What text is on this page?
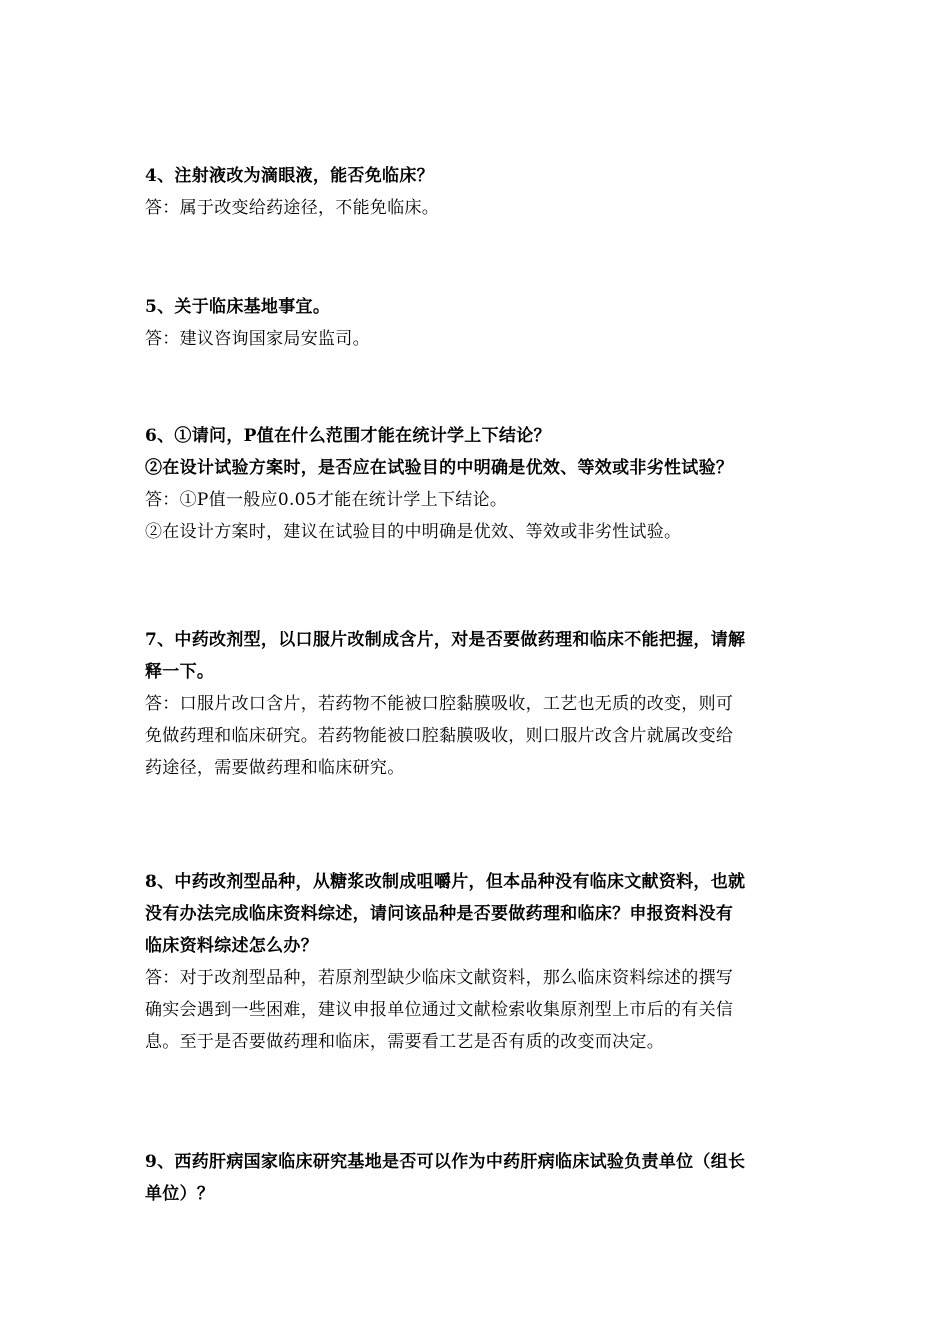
4、注射液改为滴眼液，能否免临床？
答：属于改变给药途径，不能免临床。
5、关于临床基地事宜。
答：建议咨询国家局安监司。
6、①请问，P值在什么范围才能在统计学上下结论？
②在设计试验方案时，是否应在试验目的中明确是优效、等效或非劣性试验？
答：①P值一般应0.05才能在统计学上下结论。
②在设计方案时，建议在试验目的中明确是优效、等效或非劣性试验。
7、中药改剂型，以口服片改制成含片，对是否要做药理和临床不能把握，请解
释一下。
答：口服片改口含片，若药物不能被口腔黏膜吸收，工艺也无质的改变，则可
免做药理和临床研究。若药物能被口腔黏膜吸收，则口服片改含片就属改变给
药途径，需要做药理和临床研究。
8、中药改剂型品种，从糖浆改制成咀嚼片，但本品种没有临床文献资料，也就
没有办法完成临床资料综述，请问该品种是否要做药理和临床？申报资料没有
临床资料综述怎么办？
答：对于改剂型品种，若原剂型缺少临床文献资料，那么临床资料综述的撰写
确实会遇到一些困难，建议申报单位通过文献检索收集原剂型上市后的有关信
息。至于是否要做药理和临床，需要看工艺是否有质的改变而决定。
9、西药肝病国家临床研究基地是否可以作为中药肝病临床试验负责单位（组长
单位）？
